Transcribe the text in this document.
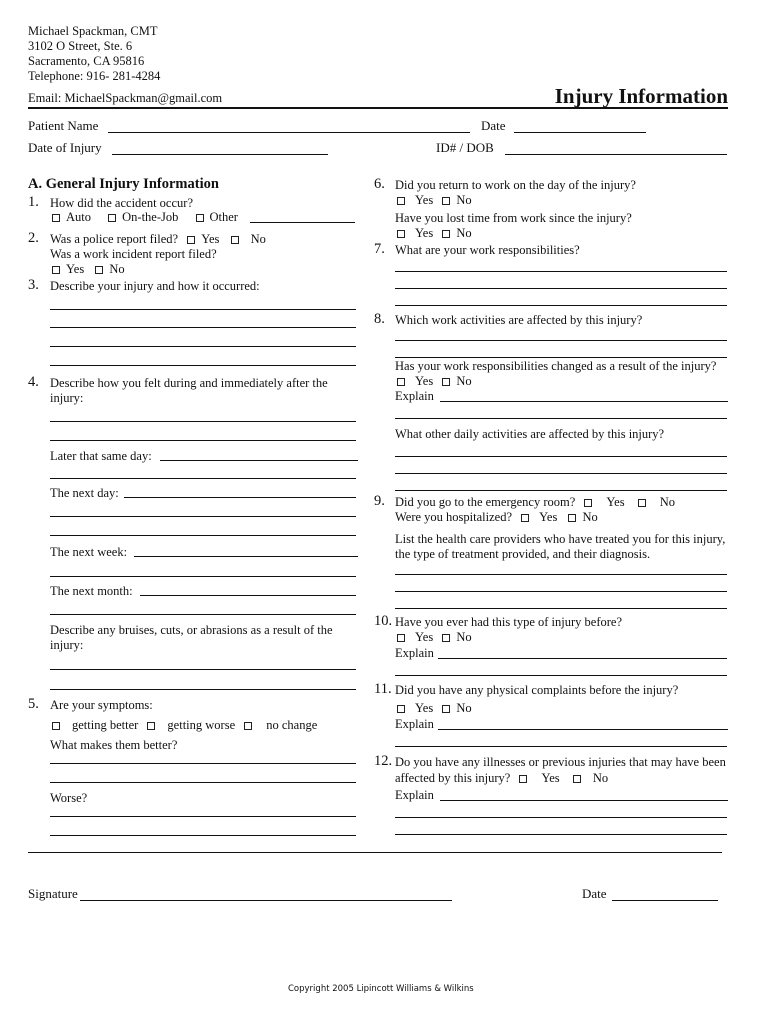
Michael Spackman, CMT
3102 O Street, Ste. 6
Sacramento, CA 95816
Telephone: 916- 281-4284
Email: MichaelSpackman@gmail.com	Injury Information
Patient Name	Date
Date of Injury	ID# / DOB
A. General Injury Information
1. How did the accident occur?
Auto On-the-Job Other
2. Was a police report filed? Yes No
Was a work incident report filed?
Yes No
3. Describe your injury and how it occurred:
4. Describe how you felt during and immediately after the
injury:
Later that same day:
The next day:
The next week:
The next month:
Describe any bruises, cuts, or abrasions as a result of the
injury:
5. Are your symptoms:
getting better getting worse no change
What makes them better?
Worse?
6. Did you return to work on the day of the injury?
Yes No
Have you lost time from work since the injury?
Yes No
7. What are your work responsibilities?
8. Which work activities are affected by this injury?
Has your work responsibilities changed as a result of the injury?
Yes No
Explain
What other daily activities are affected by this injury?
9. Did you go to the emergency room? Yes	No
Were you hospitalized? Yes No
List the health care providers who have treated you for this injury,
the type of treatment provided, and their diagnosis.
10. Have you ever had this type of injury before?
Yes No
Explain
11. Did you have any physical complaints before the injury?
Yes No
Explain
12. Do you have any illnesses or previous injuries that may have been
affected by this injury? Yes	No
Explain
Signature	Date
Copyright 2005 Lipincott Williams & Wilkins
